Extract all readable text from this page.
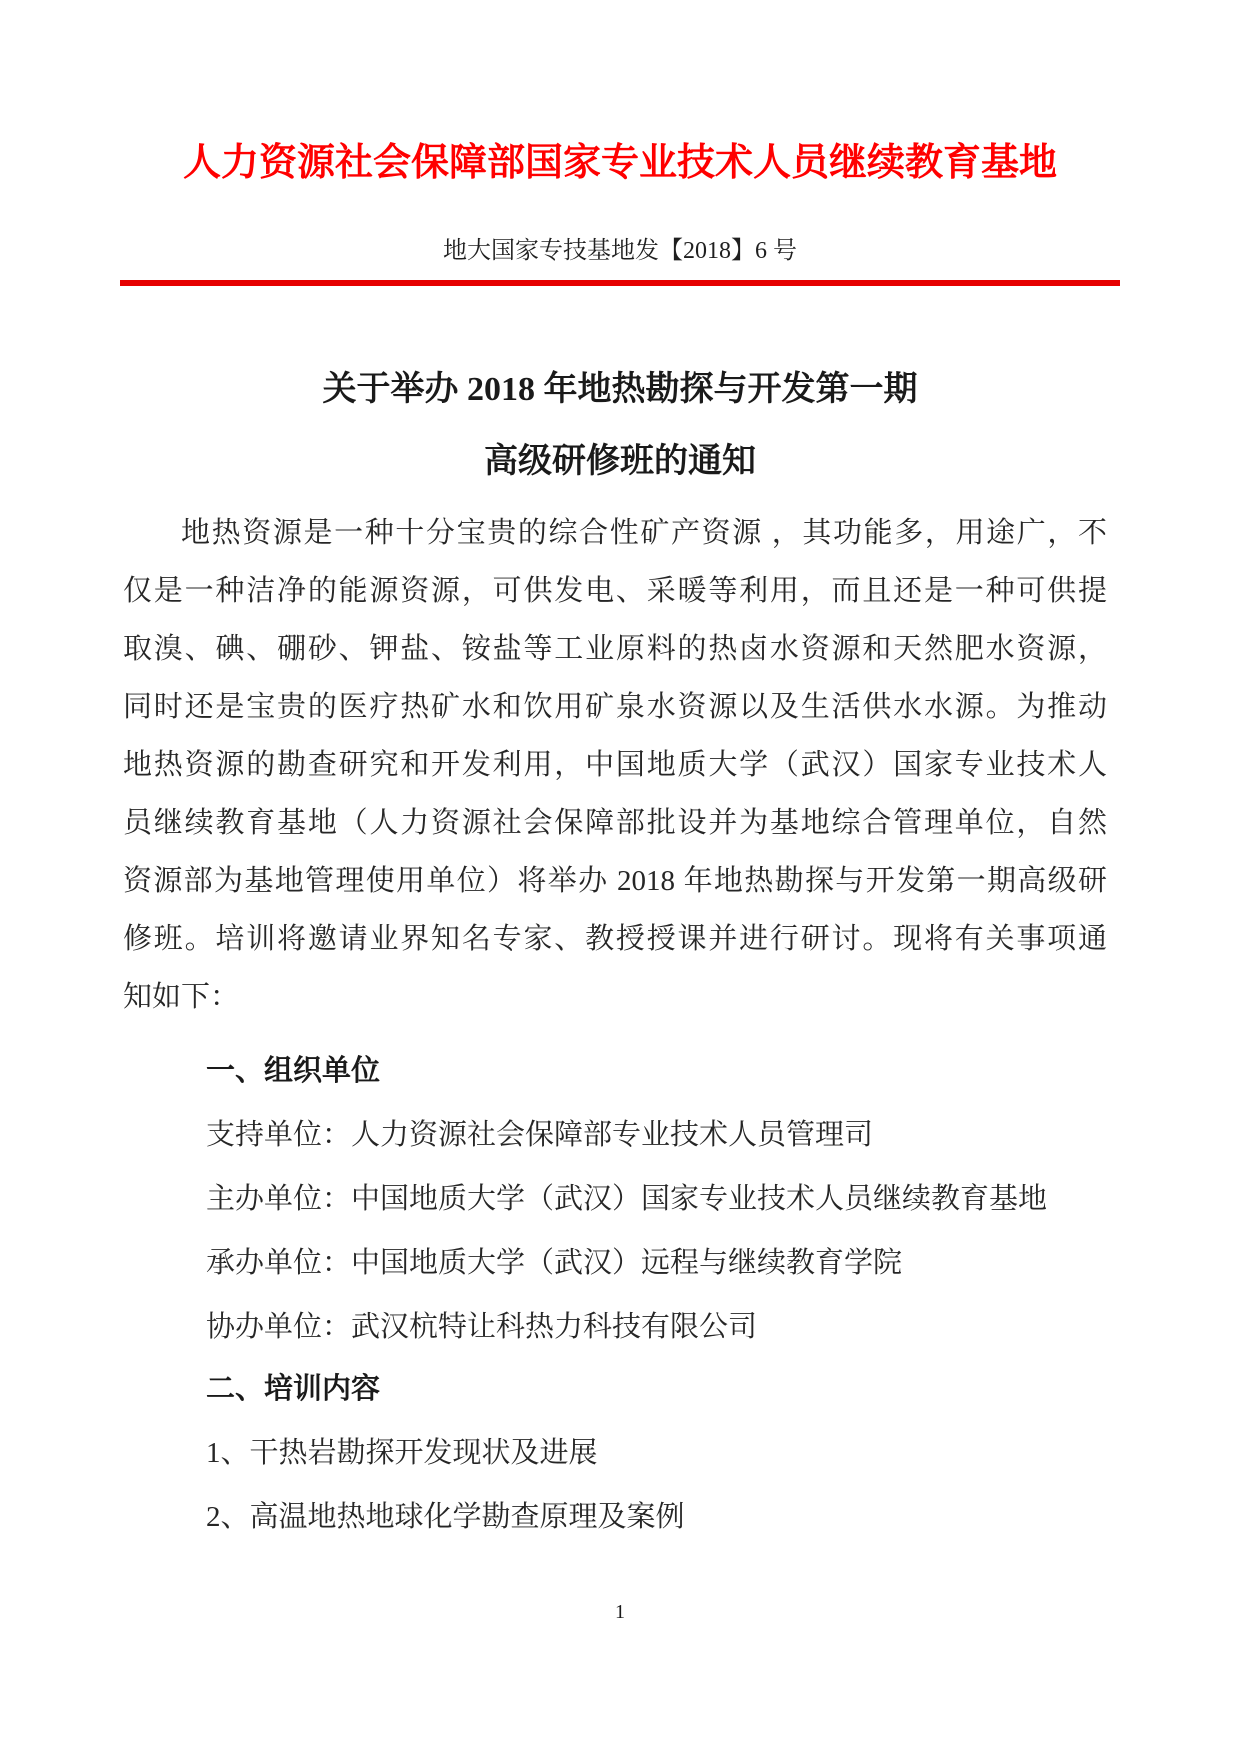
人力资源社会保障部国家专业技术人员继续教育基地
地大国家专技基地发【2018】6 号
关于举办 2018 年地热勘探与开发第一期
高级研修班的通知
地热资源是一种十分宝贵的综合性矿产资源 ，其功能多，用途广，不
仅是一种洁净的能源资源，可供发电、采暖等利用，而且还是一种可供提
取溴、碘、硼砂、钾盐、铵盐等工业原料的热卤水资源和天然肥水资源，
同时还是宝贵的医疗热矿水和饮用矿泉水资源以及生活供水水源。为推动
地热资源的勘查研究和开发利用，中国地质大学（武汉）国家专业技术人
员继续教育基地（人力资源社会保障部批设并为基地综合管理单位，自然
资源部为基地管理使用单位）将举办 2018 年地热勘探与开发第一期高级研
修班。培训将邀请业界知名专家、教授授课并进行研讨。现将有关事项通
知如下：
一、组织单位
支持单位：人力资源社会保障部专业技术人员管理司
主办单位：中国地质大学（武汉）国家专业技术人员继续教育基地
承办单位：中国地质大学（武汉）远程与继续教育学院
协办单位：武汉杭特让科热力科技有限公司
二、培训内容
1、干热岩勘探开发现状及进展
2、高温地热地球化学勘查原理及案例
1
